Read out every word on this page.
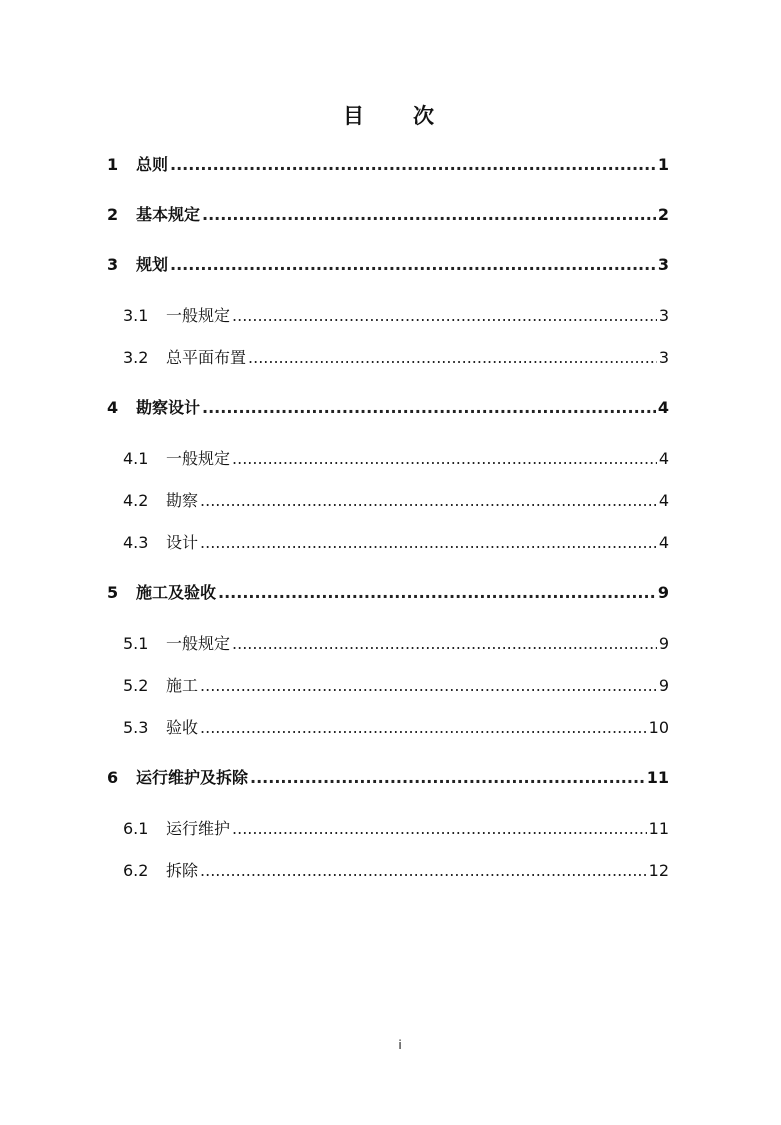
目　次
1 总则 .....	1
2 基本规定 .....	2
3 规划 .....	3
3.1 一般规定 .....	3
3.2 总平面布置 .....	3
4 勘察设计 .....	4
4.1 一般规定 .....	4
4.2 勘察 .....	4
4.3 设计 .....	4
5 施工及验收 .....	9
5.1 一般规定 .....	9
5.2 施工 .....	9
5.3 验收 .....	10
6 运行维护及拆除 .....	11
6.1 运行维护 .....	11
6.2 拆除 .....	12
i
